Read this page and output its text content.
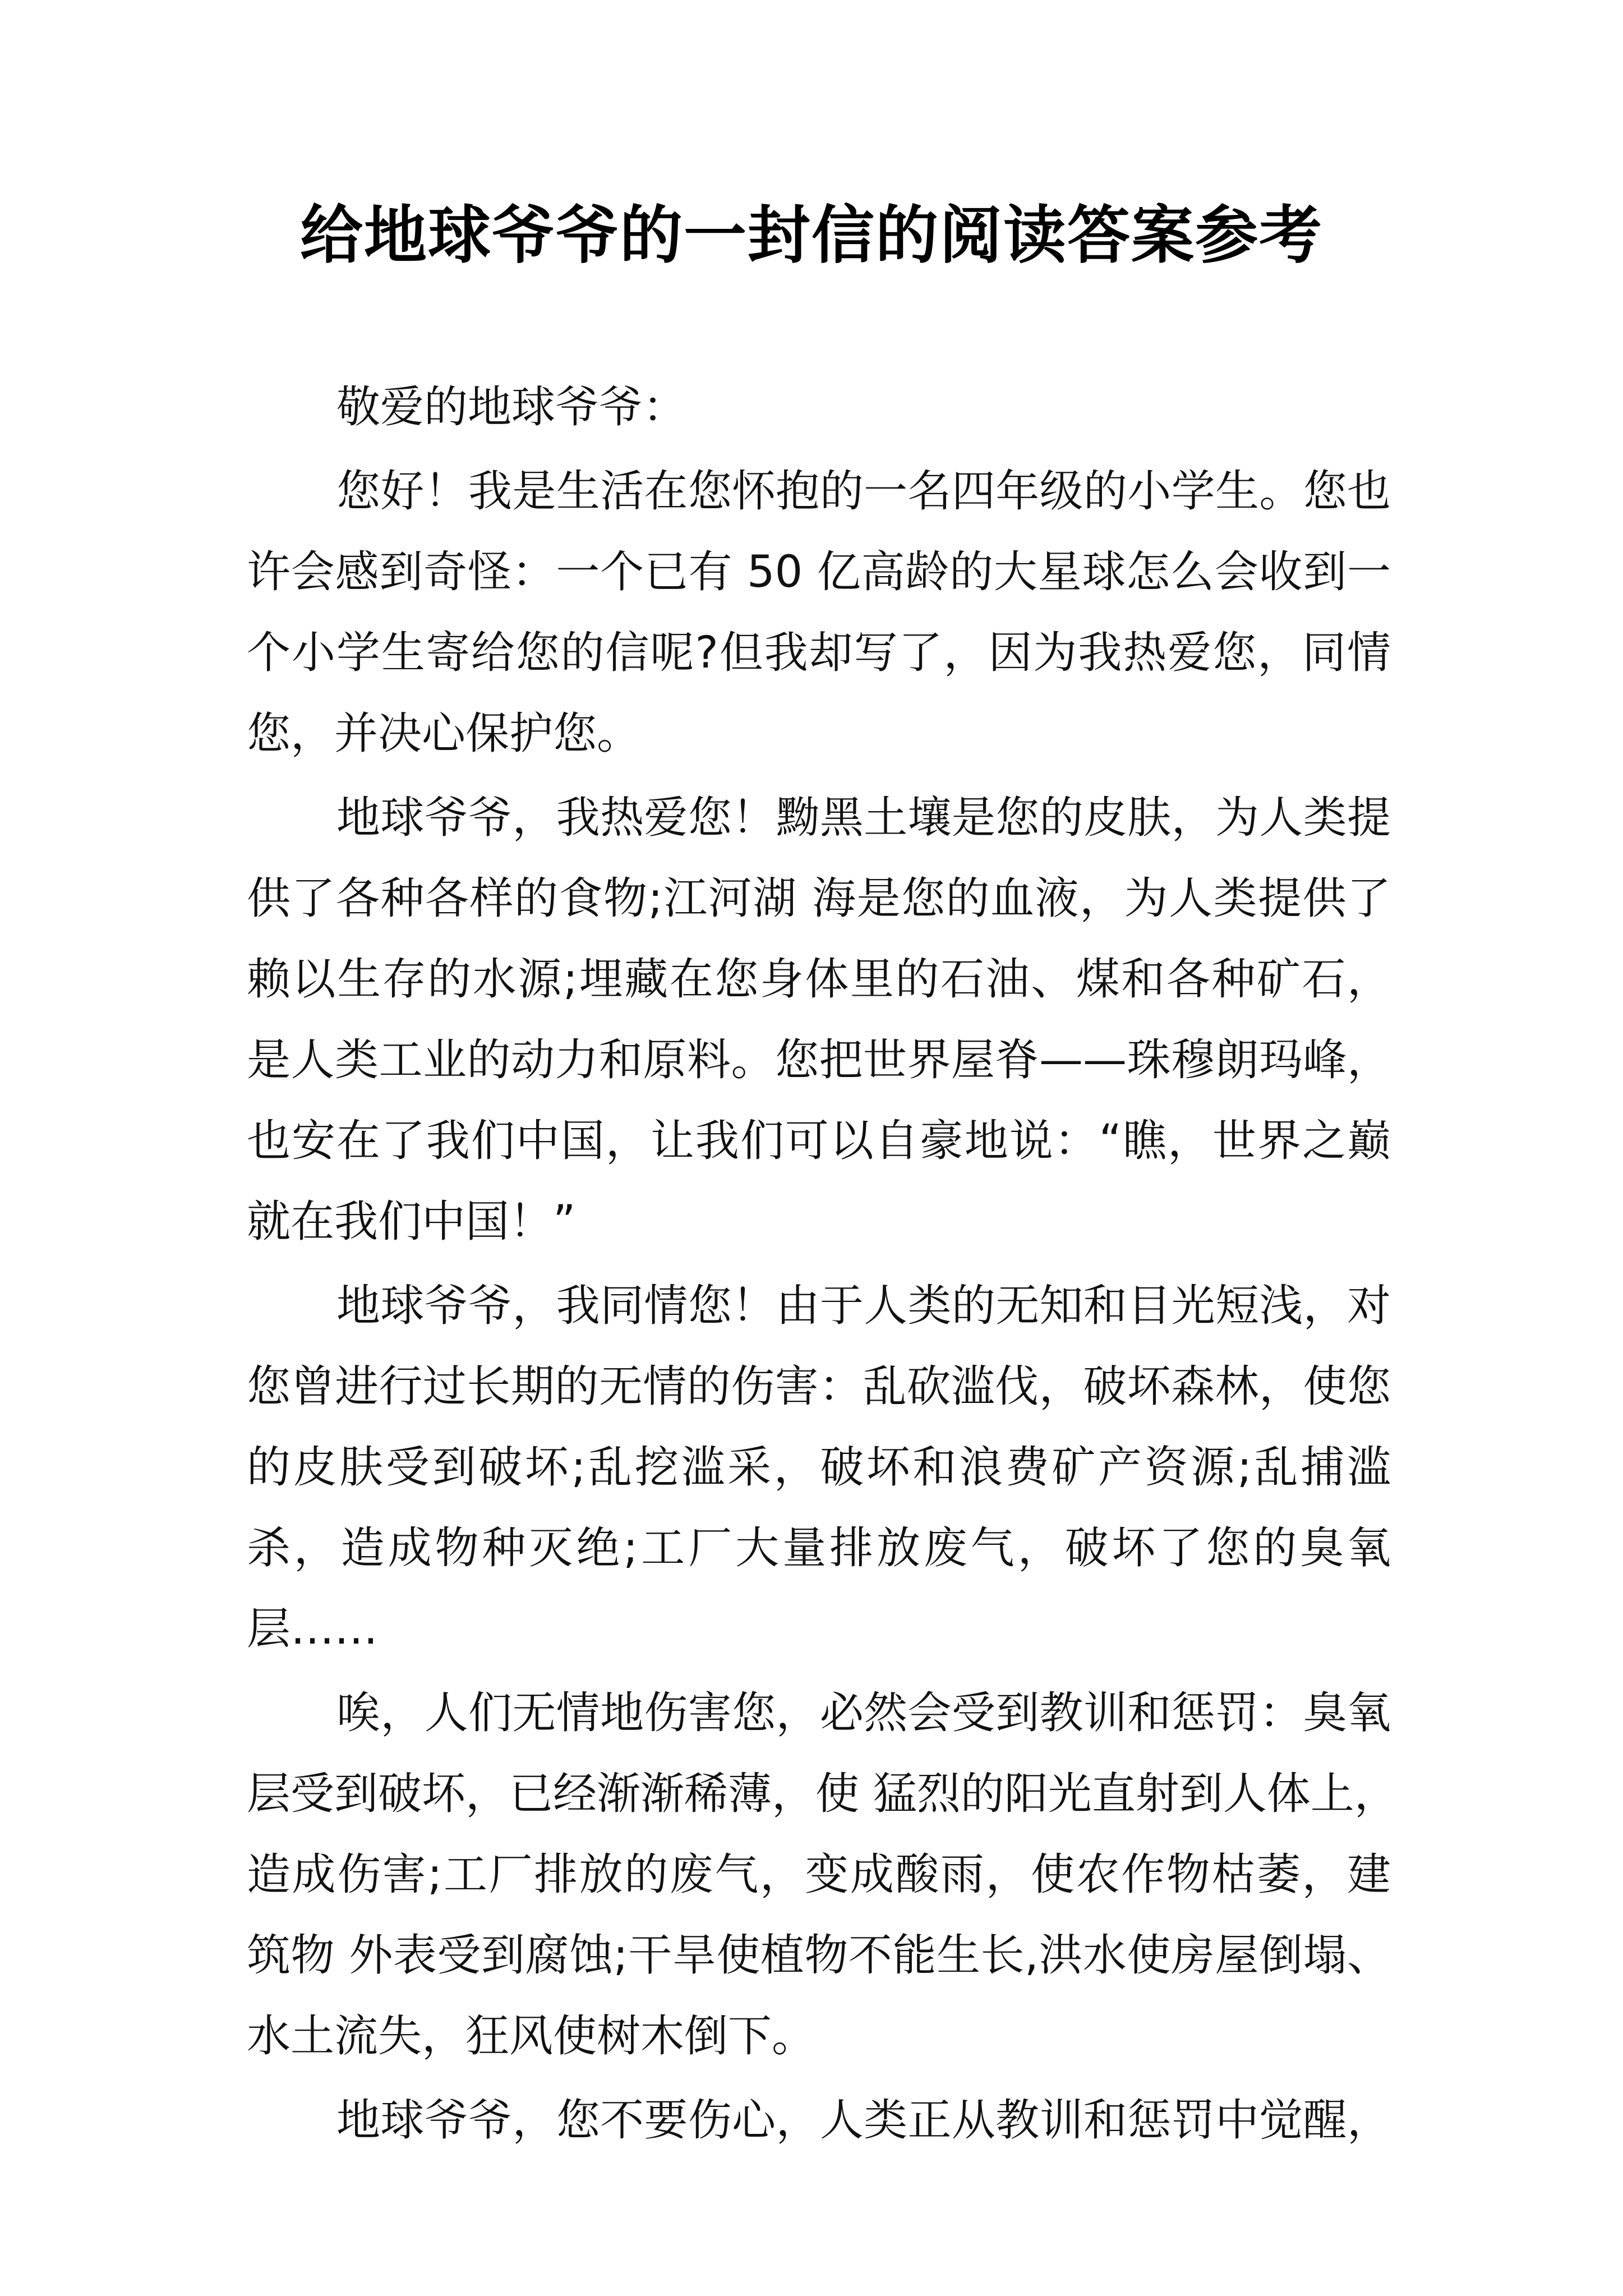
给地球爷爷的一封信的阅读答案参考

敬爱的地球爷爷：

您好！我是生活在您怀抱的一名四年级的小学生。您也

许会感到奇怪：一个已有 50 亿高龄的大星球怎么会收到一

个小学生寄给您的信呢?但我却写了，因为我热爱您，同情

您，并决心保护您。

地球爷爷，我热爱您！黝黑土壤是您的皮肤，为人类提

供了各种各样的食物;江河湖 海是您的血液，为人类提供了

赖以生存的水源;埋藏在您身体里的石油、煤和各种矿石，

是人类工业的动力和原料。您把世界屋脊——珠穆朗玛峰，

也安在了我们中国，让我们可以自豪地说：“瞧，世界之巅

就在我们中国！”

地球爷爷，我同情您！由于人类的无知和目光短浅，对

您曾进行过长期的无情的伤害：乱砍滥伐，破坏森林，使您

的皮肤受到破坏;乱挖滥采，破坏和浪费矿产资源;乱捕滥

杀，造成物种灭绝;工厂大量排放废气，破坏了您的臭氧

层……

唉，人们无情地伤害您，必然会受到教训和惩罚：臭氧

层受到破坏，已经渐渐稀薄，使 猛烈的阳光直射到人体上，

造成伤害;工厂排放的废气，变成酸雨，使农作物枯萎，建

筑物 外表受到腐蚀;干旱使植物不能生长,洪水使房屋倒塌、

水土流失，狂风使树木倒下。

地球爷爷，您不要伤心，人类正从教训和惩罚中觉醒，
